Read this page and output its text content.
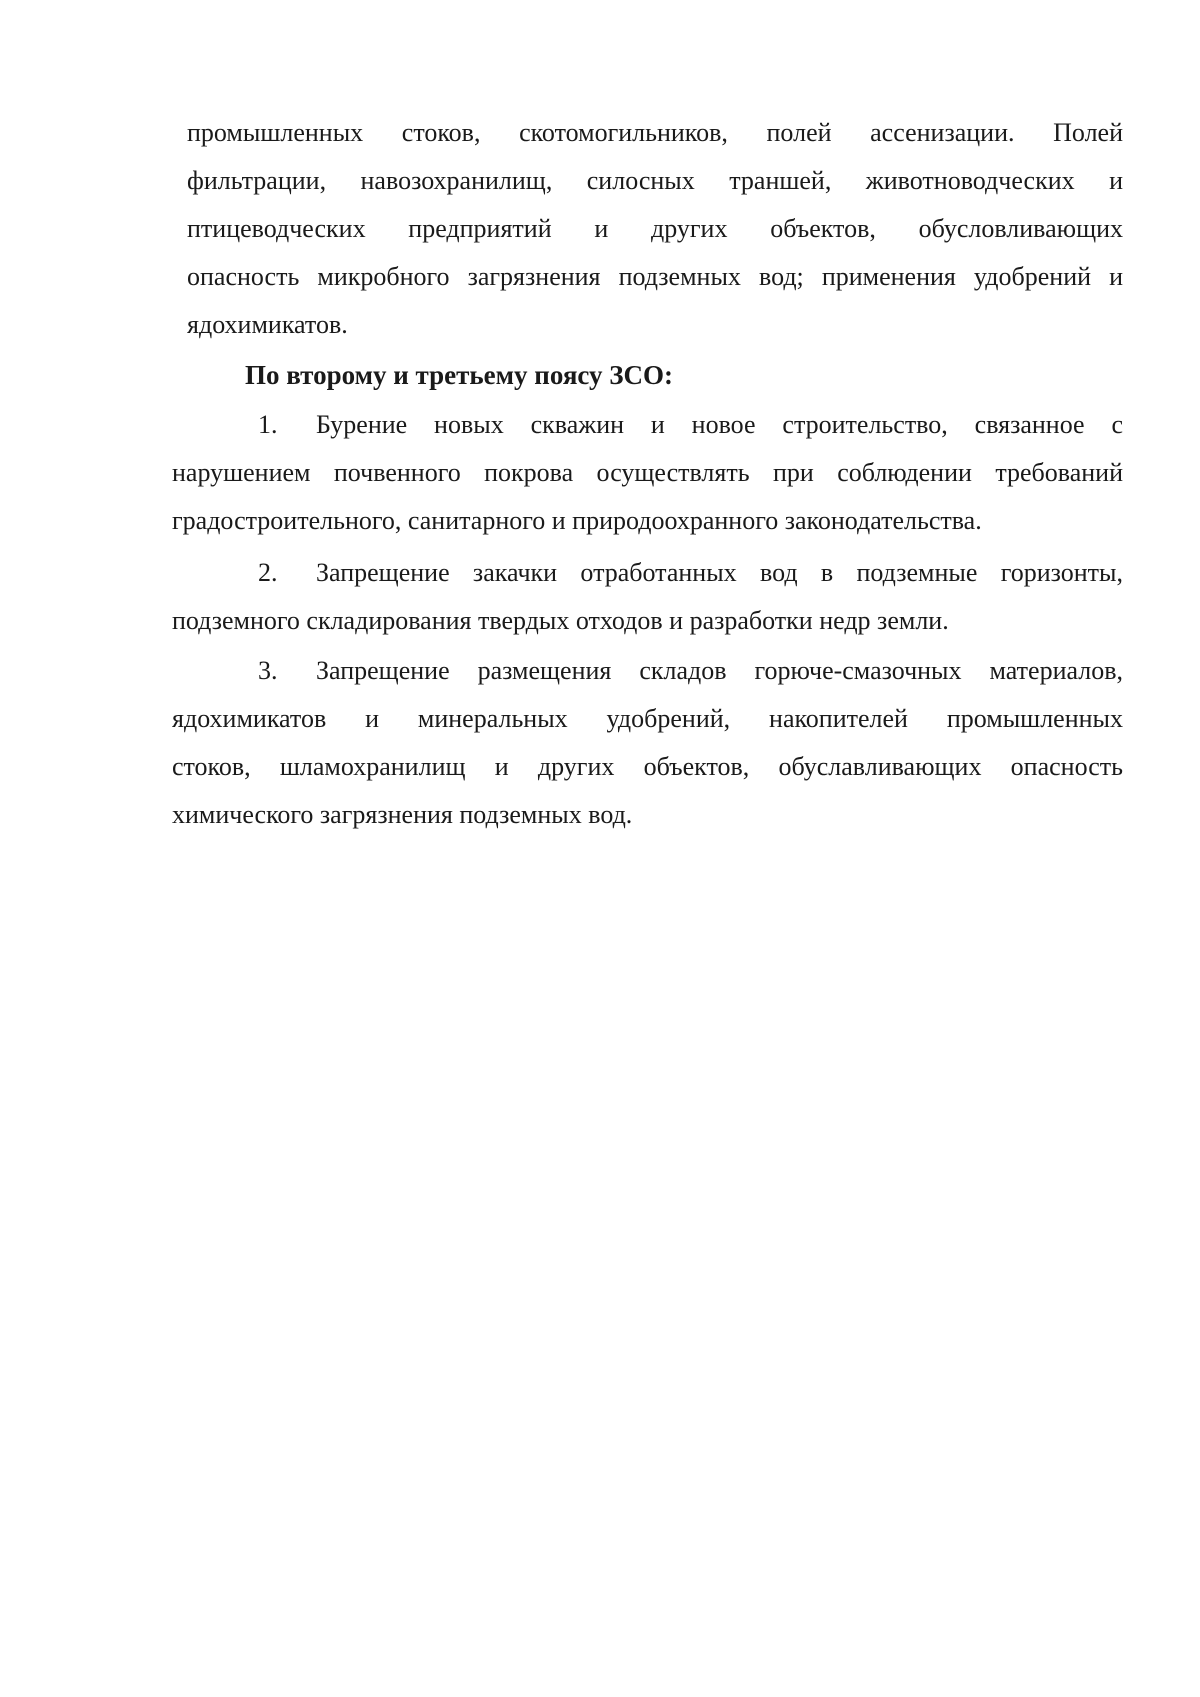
промышленных стоков, скотомогильников, полей ассенизации. Полей
фильтрации, навозохранилищ, силосных траншей, животноводческих и
птицеводческих предприятий и других объектов, обусловливающих
опасность микробного загрязнения подземных вод; применения удобрений и
ядохимикатов.
По второму и третьему поясу ЗСО:
1. Бурение новых скважин и новое строительство, связанное с
нарушением почвенного покрова осуществлять при соблюдении требований
градостроительного, санитарного и природоохранного законодательства.
2. Запрещение закачки отработанных вод в подземные горизонты,
подземного складирования твердых отходов и разработки недр земли.
3. Запрещение размещения складов горюче-смазочных материалов,
ядохимикатов и минеральных удобрений, накопителей промышленных
стоков, шламохранилищ и других объектов, обуславливающих опасность
химического загрязнения подземных вод.
